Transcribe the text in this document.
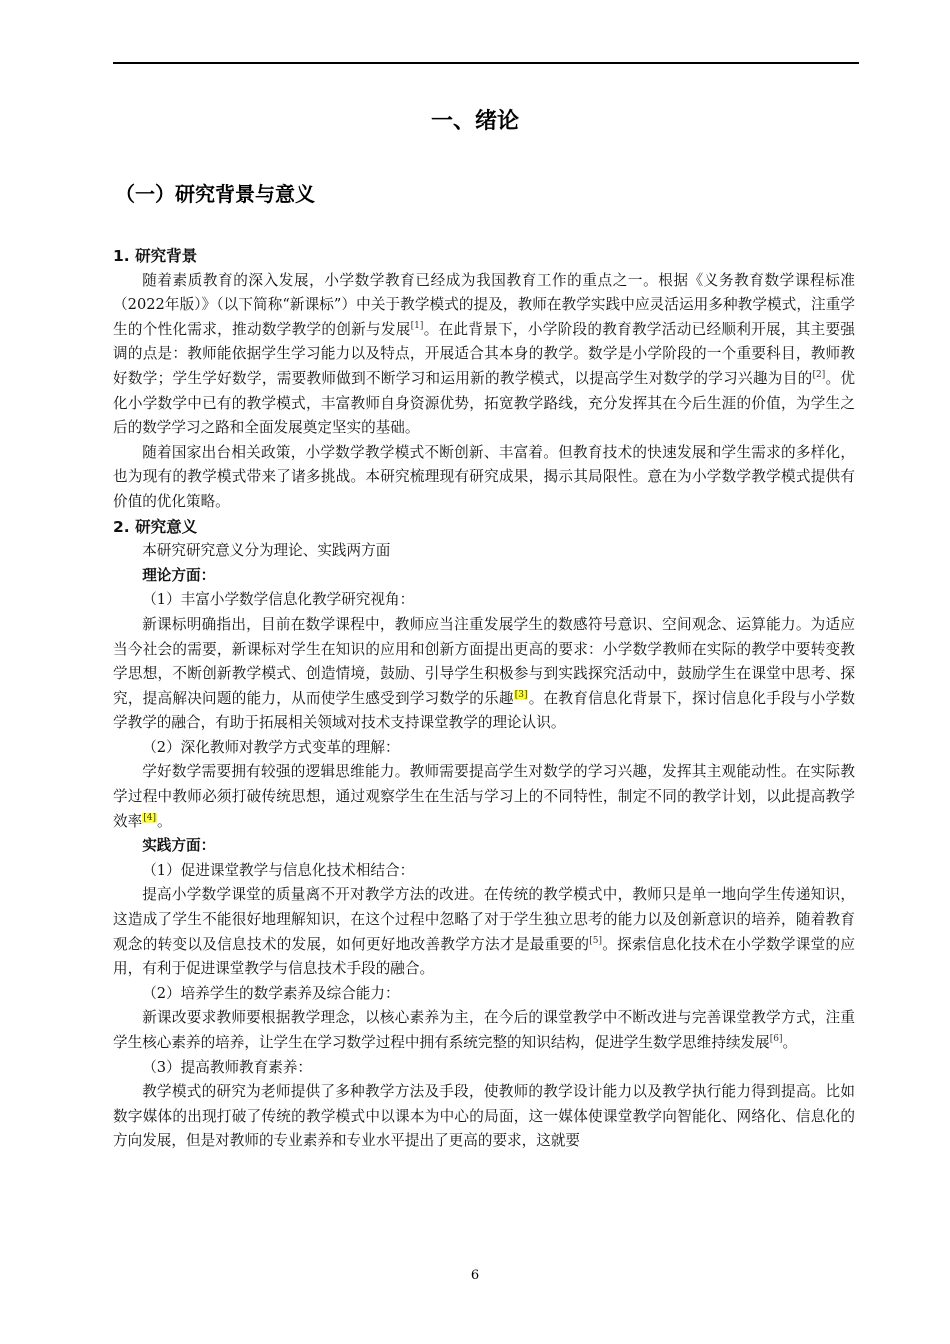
一、绪论
（一）研究背景与意义

1. 研究背景

随着素质教育的深入发展，小学数学教育已经成为我国教育工作的重点之一。根据《义务教育数学课程标准（2022年版）》（以下简称“新课标”）中关于教学模式的提及，教师在教学实践中应灵活运用多种教学模式，注重学生的个性化需求，推动数学教学的创新与发展[1]。在此背景下，小学阶段的教育教学活动已经顺利开展，其主要强调的点是：教师能依据学生学习能力以及特点，开展适合其本身的教学。数学是小学阶段的一个重要科目，教师教好数学；学生学好数学，需要教师做到不断学习和运用新的教学模式，以提高学生对数学的学习兴趣为目的[2]。优化小学数学中已有的教学模式，丰富教师自身资源优势，拓宽教学路线，充分发挥其在今后生涯的价值，为学生之后的数学学习之路和全面发展奠定坚实的基础。

随着国家出台相关政策，小学数学教学模式不断创新、丰富着。但教育技术的快速发展和学生需求的多样化，也为现有的教学模式带来了诸多挑战。本研究梳理现有研究成果，揭示其局限性。意在为小学数学教学模式提供有价值的优化策略。

2. 研究意义

本研究研究意义分为理论、实践两方面

理论方面：

（1）丰富小学数学信息化教学研究视角：

新课标明确指出，目前在数学课程中，教师应当注重发展学生的数感符号意识、空间观念、运算能力。为适应当今社会的需要，新课标对学生在知识的应用和创新方面提出更高的要求：小学数学教师在实际的教学中要转变教学思想，不断创新教学模式、创造情境，鼓励、引导学生积极参与到实践探究活动中，鼓励学生在课堂中思考、探究，提高解决问题的能力，从而使学生感受到学习数学的乐趣[3]。在教育信息化背景下，探讨信息化手段与小学数学教学的融合，有助于拓展相关领域对技术支持课堂教学的理论认识。

（2）深化教师对教学方式变革的理解：

学好数学需要拥有较强的逻辑思维能力。教师需要提高学生对数学的学习兴趣，发挥其主观能动性。在实际教学过程中教师必须打破传统思想，通过观察学生在生活与学习上的不同特性，制定不同的教学计划，以此提高教学效率[4]。

实践方面：

（1）促进课堂教学与信息化技术相结合：

提高小学数学课堂的质量离不开对教学方法的改进。在传统的教学模式中，教师只是单一地向学生传递知识，这造成了学生不能很好地理解知识，在这个过程中忽略了对于学生独立思考的能力以及创新意识的培养，随着教育观念的转变以及信息技术的发展，如何更好地改善教学方法才是最重要的[5]。探索信息化技术在小学数学课堂的应用，有利于促进课堂教学与信息技术手段的融合。

（2）培养学生的数学素养及综合能力：

新课改要求教师要根据教学理念，以核心素养为主，在今后的课堂教学中不断改进与完善课堂教学方式，注重学生核心素养的培养，让学生在学习数学过程中拥有系统完整的知识结构，促进学生数学思维持续发展[6]。

（3）提高教师教育素养：

教学模式的研究为老师提供了多种教学方法及手段，使教师的教学设计能力以及教学执行能力得到提高。比如数字媒体的出现打破了传统的教学模式中以课本为中心的局面，这一媒体使课堂教学向智能化、网络化、信息化的方向发展，但是对教师的专业素养和专业水平提出了更高的要求，这就要

6
